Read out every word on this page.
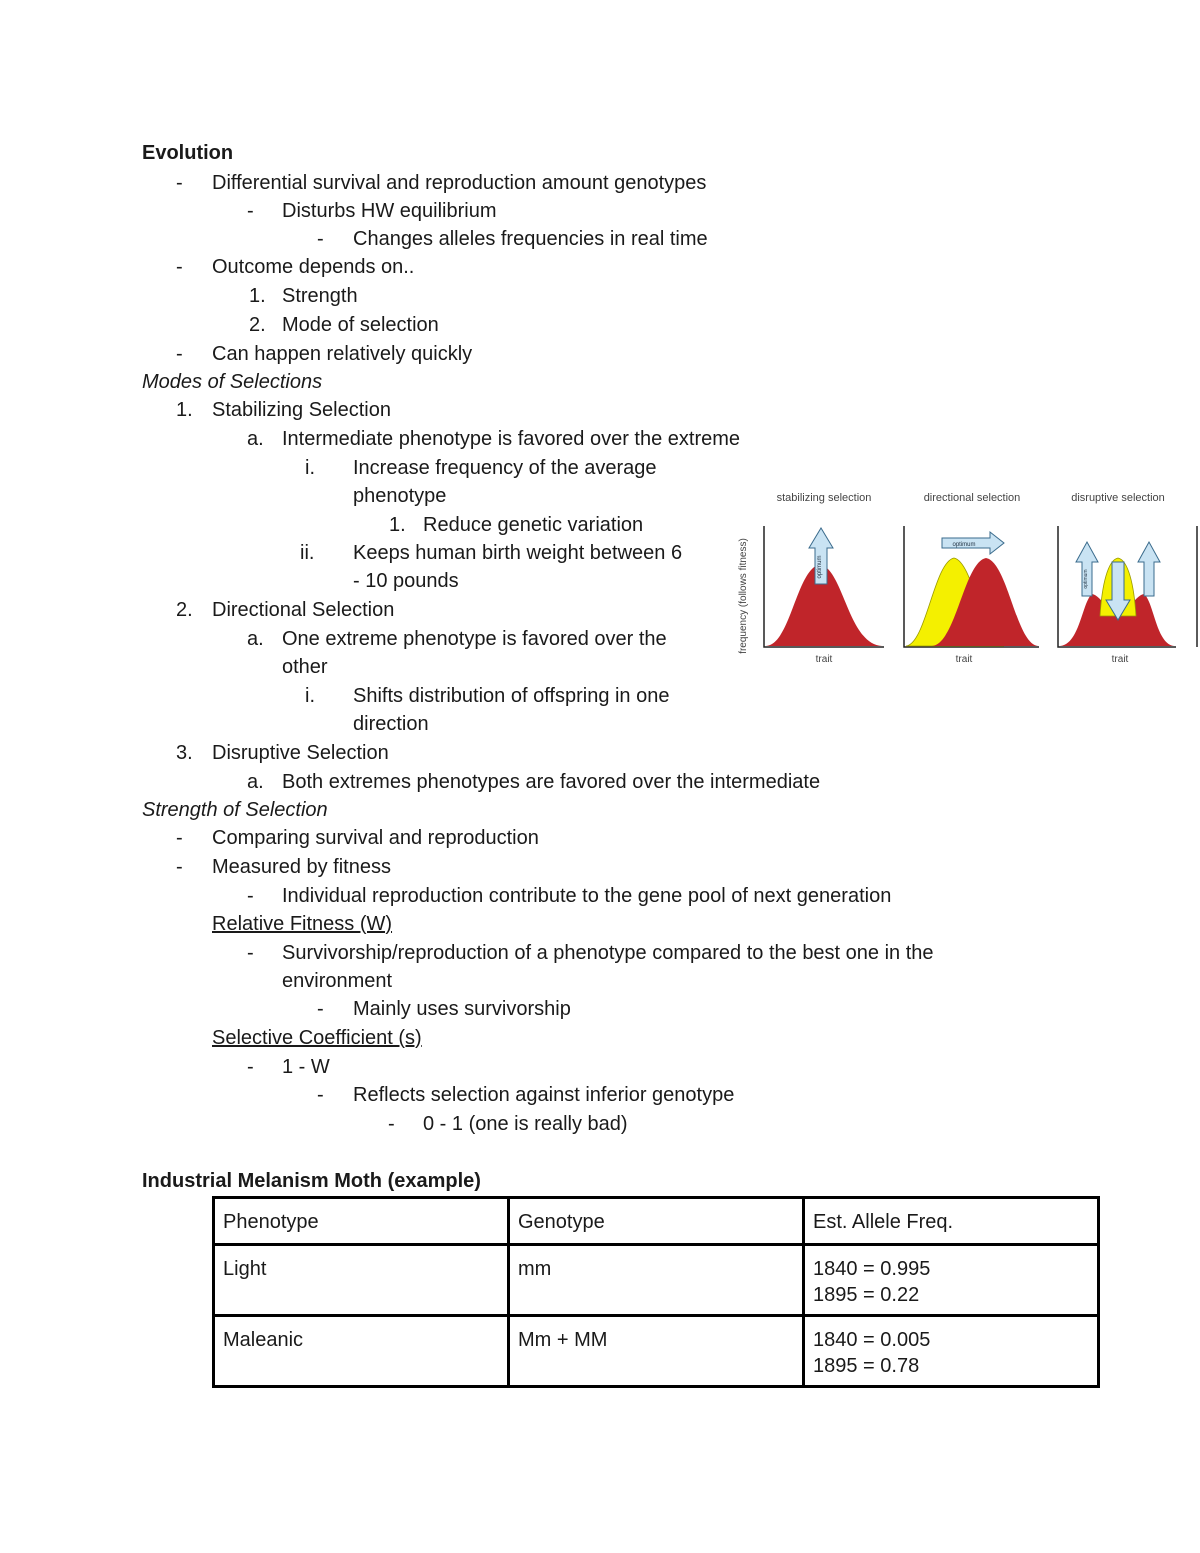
Evolution
- Differential survival and reproduction amount genotypes
- Disturbs HW equilibrium
- Changes alleles frequencies in real time
- Outcome depends on..
1. Strength
2. Mode of selection
- Can happen relatively quickly
Modes of Selections
1. Stabilizing Selection
a. Intermediate phenotype is favored over the extreme
i. Increase frequency of the average
phenotype
1. Reduce genetic variation
ii. Keeps human birth weight between 6
- 10 pounds
2. Directional Selection
a. One extreme phenotype is favored over the
other
i. Shifts distribution of offspring in one
direction
3. Disruptive Selection
a. Both extremes phenotypes are favored over the intermediate
frequency (follows fitness)
stabilizing selection
optimum
trait
directional selection
optimum
trait
disruptive selection
optimum
trait
Strength of Selection
- Comparing survival and reproduction
- Measured by fitness
- Individual reproduction contribute to the gene pool of next generation
Relative Fitness (W)
- Survivorship/reproduction of a phenotype compared to the best one in the
environment
- Mainly uses survivorship
Selective Coefficient (s)
- 1 - W
- Reflects selection against inferior genotype
- 0 - 1 (one is really bad)
Industrial Melanism Moth (example)
Phenotype	Genotype	Est. Allele Freq.
Light	mm	1840 = 0.995
1895 = 0.22

Maleanic	Mm + MM	1840 = 0.005
1895 = 0.78
